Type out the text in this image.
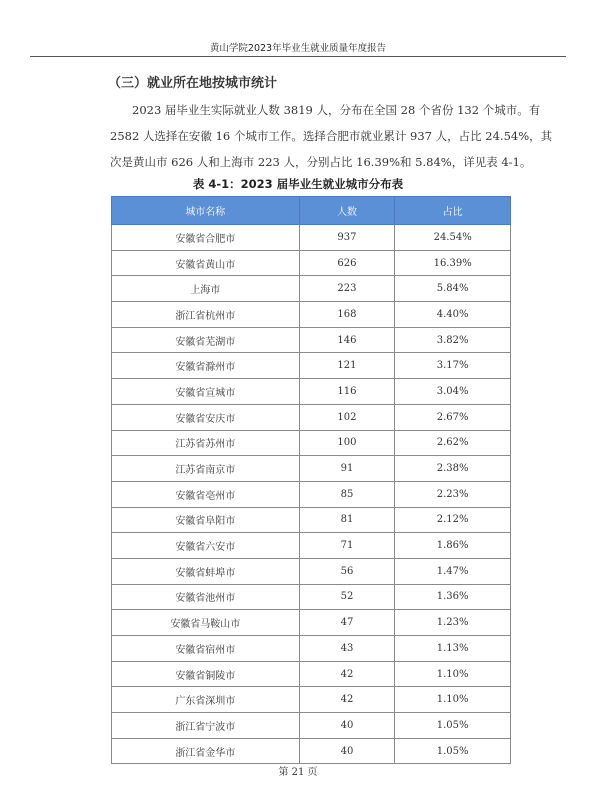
黄山学院2023年毕业生就业质量年度报告
（三）就业所在地按城市统计
2023 届毕业生实际就业人数 3819 人，分布在全国 28 个省份 132 个城市。有
2582 人选择在安徽 16 个城市工作。选择合肥市就业累计 937 人，占比 24.54%，其
次是黄山市 626 人和上海市 223 人，分别占比 16.39%和 5.84%，详见表 4-1。
表 4-1：2023 届毕业生就业城市分布表
城市名称	人数	占比
安徽省合肥市	937	24.54%
安徽省黄山市	626	16.39%
上海市	223	5.84%
浙江省杭州市	168	4.40%
安徽省芜湖市	146	3.82%
安徽省滁州市	121	3.17%
安徽省宣城市	116	3.04%
安徽省安庆市	102	2.67%
江苏省苏州市	100	2.62%
江苏省南京市	91	2.38%
安徽省亳州市	85	2.23%
安徽省阜阳市	81	2.12%
安徽省六安市	71	1.86%
安徽省蚌埠市	56	1.47%
安徽省池州市	52	1.36%
安徽省马鞍山市	47	1.23%
安徽省宿州市	43	1.13%
安徽省铜陵市	42	1.10%
广东省深圳市	42	1.10%
浙江省宁波市	40	1.05%
浙江省金华市	40	1.05%
第 21 页
